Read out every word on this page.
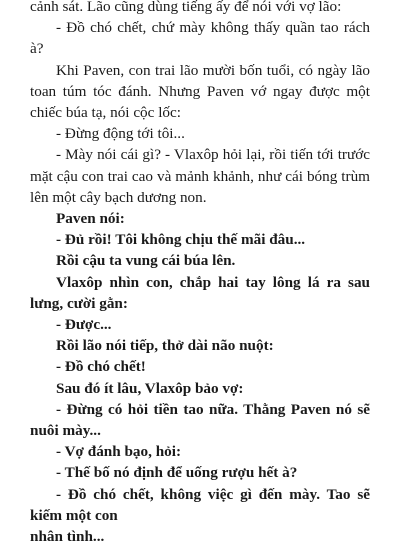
cảnh sát. Lão cũng dùng tiếng ấy để nói với vợ lão:

- Đồ chó chết, chứ mày không thấy quần tao rách à?

Khi Paven, con trai lão mười bốn tuổi, có ngày lão toan túm tóc đánh. Nhưng Paven vớ ngay được một chiếc búa tạ, nói cộc lốc:

- Đừng động tới tôi...

- Mày nói cái gì? - Vlaxôp hỏi lại, rồi tiến tới trước mặt cậu con trai cao và mảnh khảnh, như cái bóng trùm lên một cây bạch dương non.

Paven nói:

- Đủ rồi! Tôi không chịu thế mãi đâu...

Rồi cậu ta vung cái búa lên.

Vlaxôp nhìn con, chắp hai tay lông lá ra sau lưng, cười gằn:

- Được...

Rồi lão nói tiếp, thở dài não nuột:

- Đồ chó chết!

Sau đó ít lâu, Vlaxôp bảo vợ:

- Đừng có hỏi tiền tao nữa. Thằng Paven nó sẽ nuôi mày...

- Vợ đánh bạo, hỏi:

- Thế bố nó định để uống rượu hết à?

- Đồ chó chết, không việc gì đến mày. Tao sẽ kiếm một con

nhân tình...
